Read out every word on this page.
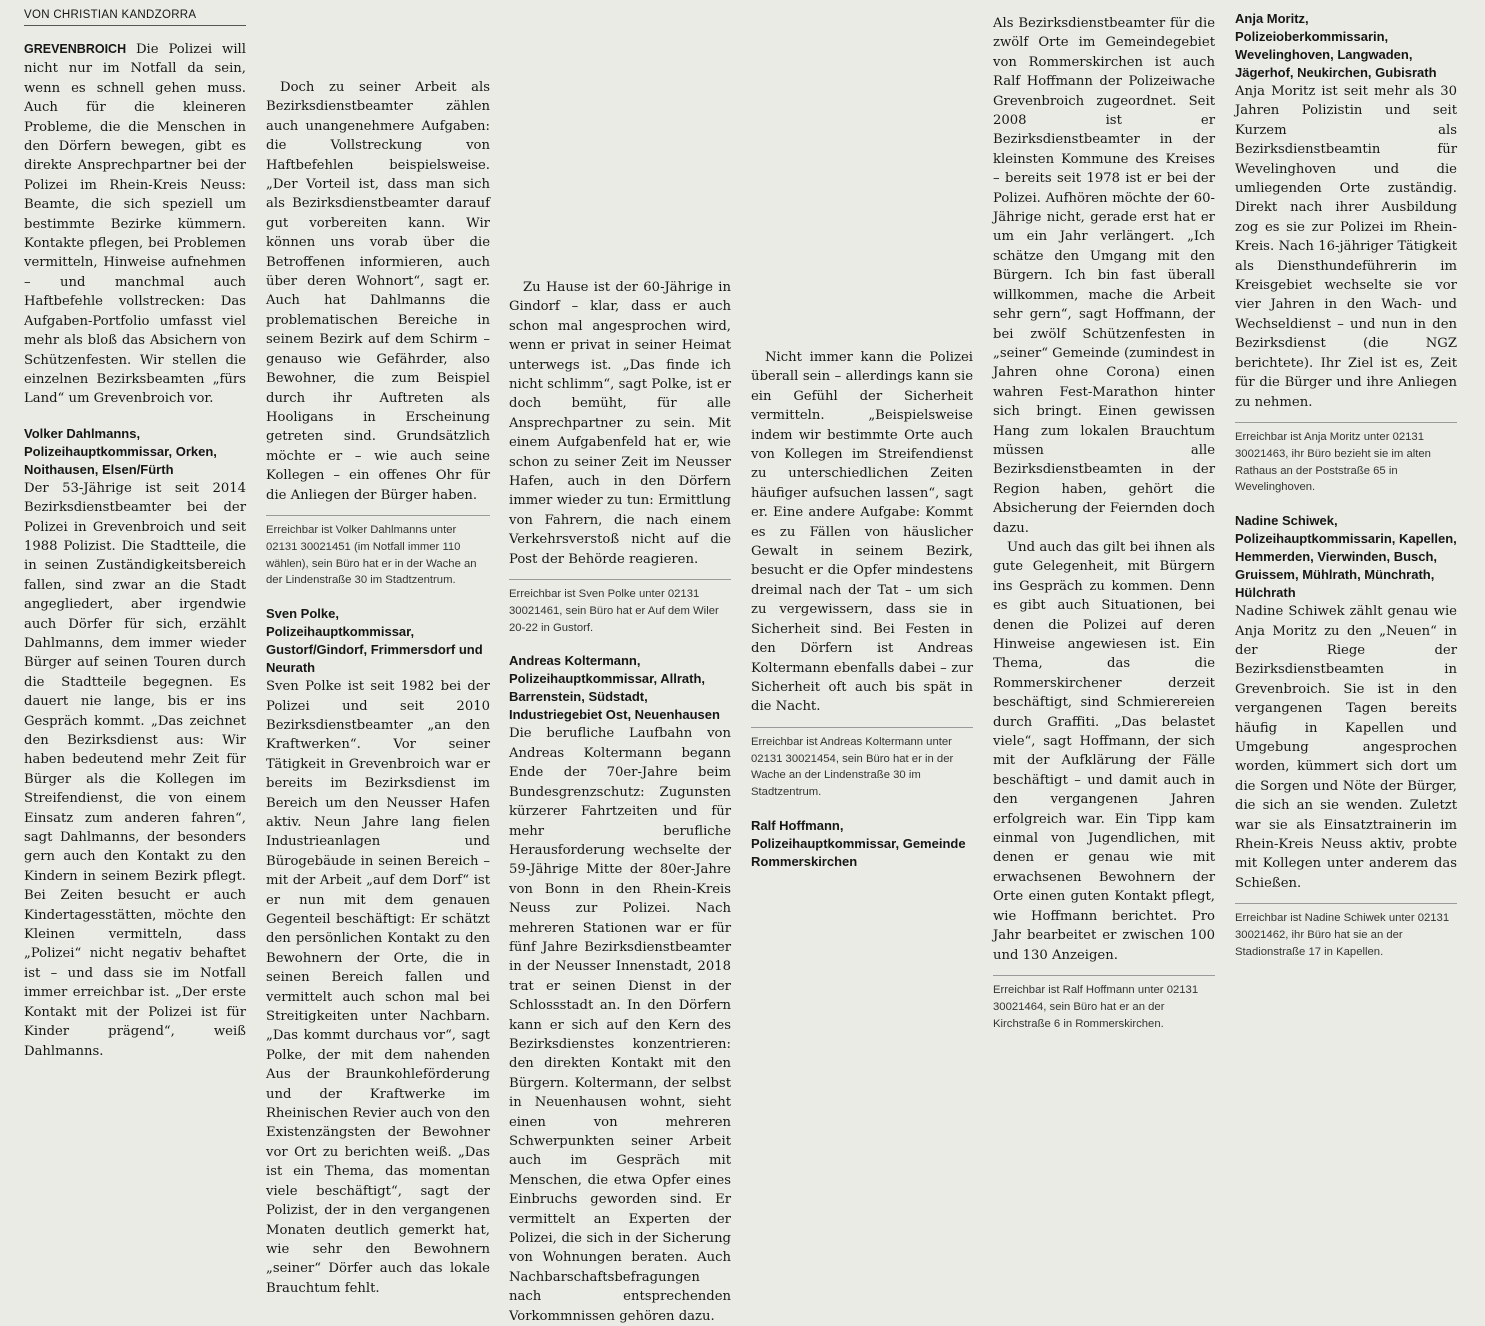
VON CHRISTIAN KANDZORRA

GREVENBROICH Die Polizei will nicht nur im Notfall da sein, wenn es schnell gehen muss. Auch für die kleineren Probleme, die die Menschen in den Dörfern bewegen, gibt es direkte Ansprechpartner bei der Polizei im Rhein-Kreis Neuss: Beamte, die sich speziell um bestimmte Bezirke kümmern. Kontakte pflegen, bei Problemen vermitteln, Hinweise aufnehmen – und manchmal auch Haftbefehle vollstrecken: Das Aufgaben-Portfolio umfasst viel mehr als bloß das Absichern von Schützenfesten. Wir stellen die einzelnen Bezirksbeamten „fürs Land“ um Grevenbroich vor.

Volker Dahlmanns, Polizeihauptkommissar, Orken, Noithausen, Elsen/Fürth

Der 53-Jährige ist seit 2014 Bezirksdienstbeamter bei der Polizei in Grevenbroich und seit 1988 Polizist. Die Stadtteile, die in seinen Zuständigkeitsbereich fallen, sind zwar an die Stadt angegliedert, aber irgendwie auch Dörfer für sich, erzählt Dahlmanns, dem immer wieder Bürger auf seinen Touren durch die Stadtteile begegnen. Es dauert nie lange, bis er ins Gespräch kommt. „Das zeichnet den Bezirksdienst aus: Wir haben bedeutend mehr Zeit für Bürger als die Kollegen im Streifendienst, die von einem Einsatz zum anderen fahren“, sagt Dahlmanns, der besonders gern auch den Kontakt zu den Kindern in seinem Bezirk pflegt. Bei Zeiten besucht er auch Kindertagesstätten, möchte den Kleinen vermitteln, dass „Polizei“ nicht negativ behaftet ist – und dass sie im Notfall immer erreichbar ist. „Der erste Kontakt mit der Polizei ist für Kinder prägend“, weiß Dahlmanns.

Doch zu seiner Arbeit als Bezirksdienstbeamter zählen auch unangenehmere Aufgaben: die Vollstreckung von Haftbefehlen beispielsweise. „Der Vorteil ist, dass man sich als Bezirksdienstbeamter darauf gut vorbereiten kann. Wir können uns vorab über die Betroffenen informieren, auch über deren Wohnort“, sagt er. Auch hat Dahlmanns die problematischen Bereiche in seinem Bezirk auf dem Schirm – genauso wie Gefährder, also Bewohner, die zum Beispiel durch ihr Auftreten als Hooligans in Erscheinung getreten sind. Grundsätzlich möchte er – wie auch seine Kollegen – ein offenes Ohr für die Anliegen der Bürger haben.

Erreichbar ist Volker Dahlmanns unter 02131 30021451 (im Notfall immer 110 wählen), sein Büro hat er in der Wache an der Lindenstraße 30 im Stadtzentrum.

Sven Polke, Polizeihauptkommissar, Gustorf/Gindorf, Frimmersdorf und Neurath

Sven Polke ist seit 1982 bei der Polizei und seit 2010 Bezirksdienstbeamter „an den Kraftwerken“. Vor seiner Tätigkeit in Grevenbroich war er bereits im Bezirksdienst im Bereich um den Neusser Hafen aktiv. Neun Jahre lang fielen Industrieanlagen und Bürogebäude in seinen Bereich – mit der Arbeit „auf dem Dorf“ ist er nun mit dem genauen Gegenteil beschäftigt: Er schätzt den persönlichen Kontakt zu den Bewohnern der Orte, die in seinen Bereich fallen und vermittelt auch schon mal bei Streitigkeiten unter Nachbarn. „Das kommt durchaus vor“, sagt Polke, der mit dem nahenden Aus der Braunkohleförderung und der Kraftwerke im Rheinischen Revier auch von den Existenzängsten der Bewohner vor Ort zu berichten weiß. „Das ist ein Thema, das momentan viele beschäftigt“, sagt der Polizist, der in den vergangenen Monaten deutlich gemerkt hat, wie sehr den Bewohnern „seiner“ Dörfer auch das lokale Brauchtum fehlt.

Zu Hause ist der 60-Jährige in Gindorf – klar, dass er auch schon mal angesprochen wird, wenn er privat in seiner Heimat unterwegs ist. „Das finde ich nicht schlimm“, sagt Polke, ist er doch bemüht, für alle Ansprechpartner zu sein. Mit einem Aufgabenfeld hat er, wie schon zu seiner Zeit im Neusser Hafen, auch in den Dörfern immer wieder zu tun: Ermittlung von Fahrern, die nach einem Verkehrsverstoß nicht auf die Post der Behörde reagieren.

Erreichbar ist Sven Polke unter 02131 30021461, sein Büro hat er Auf dem Wiler 20-22 in Gustorf.

Andreas Koltermann, Polizeihauptkommissar, Allrath, Barrenstein, Südstadt, Industriegebiet Ost, Neuenhausen

Die berufliche Laufbahn von Andreas Koltermann begann Ende der 70er-Jahre beim Bundesgrenzschutz: Zugunsten kürzerer Fahrtzeiten und für mehr berufliche Herausforderung wechselte der 59-Jährige Mitte der 80er-Jahre von Bonn in den Rhein-Kreis Neuss zur Polizei. Nach mehreren Stationen war er für fünf Jahre Bezirksdienstbeamter in der Neusser Innenstadt, 2018 trat er seinen Dienst in der Schlossstadt an. In den Dörfern kann er sich auf den Kern des Bezirksdienstes konzentrieren: den direkten Kontakt mit den Bürgern. Koltermann, der selbst in Neuenhausen wohnt, sieht einen von mehreren Schwerpunkten seiner Arbeit auch im Gespräch mit Menschen, die etwa Opfer eines Einbruchs geworden sind. Er vermittelt an Experten der Polizei, die sich in der Sicherung von Wohnungen beraten. Auch Nachbarschaftsbefragungen nach entsprechenden Vorkommnissen gehören dazu.

Nicht immer kann die Polizei überall sein – allerdings kann sie ein Gefühl der Sicherheit vermitteln. „Beispielsweise indem wir bestimmte Orte auch von Kollegen im Streifendienst zu unterschiedlichen Zeiten häufiger aufsuchen lassen“, sagt er. Eine andere Aufgabe: Kommt es zu Fällen von häuslicher Gewalt in seinem Bezirk, besucht er die Opfer mindestens dreimal nach der Tat – um sich zu vergewissern, dass sie in Sicherheit sind. Bei Festen in den Dörfern ist Andreas Koltermann ebenfalls dabei – zur Sicherheit oft auch bis spät in die Nacht.

Erreichbar ist Andreas Koltermann unter 02131 30021454, sein Büro hat er in der Wache an der Lindenstraße 30 im Stadtzentrum.

Ralf Hoffmann, Polizeihauptkommissar, Gemeinde Rommerskirchen

Als Bezirksdienstbeamter für die zwölf Orte im Gemeindegebiet von Rommerskirchen ist auch Ralf Hoffmann der Polizeiwache Grevenbroich zugeordnet. Seit 2008 ist er Bezirksdienstbeamter in der kleinsten Kommune des Kreises – bereits seit 1978 ist er bei der Polizei. Aufhören möchte der 60-Jährige nicht, gerade erst hat er um ein Jahr verlängert. „Ich schätze den Umgang mit den Bürgern. Ich bin fast überall willkommen, mache die Arbeit sehr gern“, sagt Hoffmann, der bei zwölf Schützenfesten in „seiner“ Gemeinde (zumindest in Jahren ohne Corona) einen wahren Fest-Marathon hinter sich bringt. Einen gewissen Hang zum lokalen Brauchtum müssen alle Bezirksdienstbeamten in der Region haben, gehört die Absicherung der Feiernden doch dazu.

Und auch das gilt bei ihnen als gute Gelegenheit, mit Bürgern ins Gespräch zu kommen. Denn es gibt auch Situationen, bei denen die Polizei auf deren Hinweise angewiesen ist. Ein Thema, das die Rommerskirchener derzeit beschäftigt, sind Schmierereien durch Graffiti. „Das belastet viele“, sagt Hoffmann, der sich mit der Aufklärung der Fälle beschäftigt – und damit auch in den vergangenen Jahren erfolgreich war. Ein Tipp kam einmal von Jugendlichen, mit denen er genau wie mit erwachsenen Bewohnern der Orte einen guten Kontakt pflegt, wie Hoffmann berichtet. Pro Jahr bearbeitet er zwischen 100 und 130 Anzeigen.

Erreichbar ist Ralf Hoffmann unter 02131 30021464, sein Büro hat er an der Kirchstraße 6 in Rommerskirchen.

Anja Moritz, Polizeioberkommissarin, Wevelinghoven, Langwaden, Jägerhof, Neukirchen, Gubisrath

Anja Moritz ist seit mehr als 30 Jahren Polizistin und seit Kurzem als Bezirksdienstbeamtin für Wevelinghoven und die umliegenden Orte zuständig. Direkt nach ihrer Ausbildung zog es sie zur Polizei im Rhein-Kreis. Nach 16-jähriger Tätigkeit als Diensthundeführerin im Kreisgebiet wechselte sie vor vier Jahren in den Wach- und Wechseldienst – und nun in den Bezirksdienst (die NGZ berichtete). Ihr Ziel ist es, Zeit für die Bürger und ihre Anliegen zu nehmen.

Erreichbar ist Anja Moritz unter 02131 30021463, ihr Büro bezieht sie im alten Rathaus an der Poststraße 65 in Wevelinghoven.

Nadine Schiwek, Polizeihauptkommissarin, Kapellen, Hemmerden, Vierwinden, Busch, Gruissem, Mühlrath, Münchrath, Hülchrath

Nadine Schiwek zählt genau wie Anja Moritz zu den „Neuen“ in der Riege der Bezirksdienstbeamten in Grevenbroich. Sie ist in den vergangenen Tagen bereits häufig in Kapellen und Umgebung angesprochen worden, kümmert sich dort um die Sorgen und Nöte der Bürger, die sich an sie wenden. Zuletzt war sie als Einsatztrainerin im Rhein-Kreis Neuss aktiv, probte mit Kollegen unter anderem das Schießen.

Erreichbar ist Nadine Schiwek unter 02131 30021462, ihr Büro hat sie an der Stadionstraße 17 in Kapellen.
